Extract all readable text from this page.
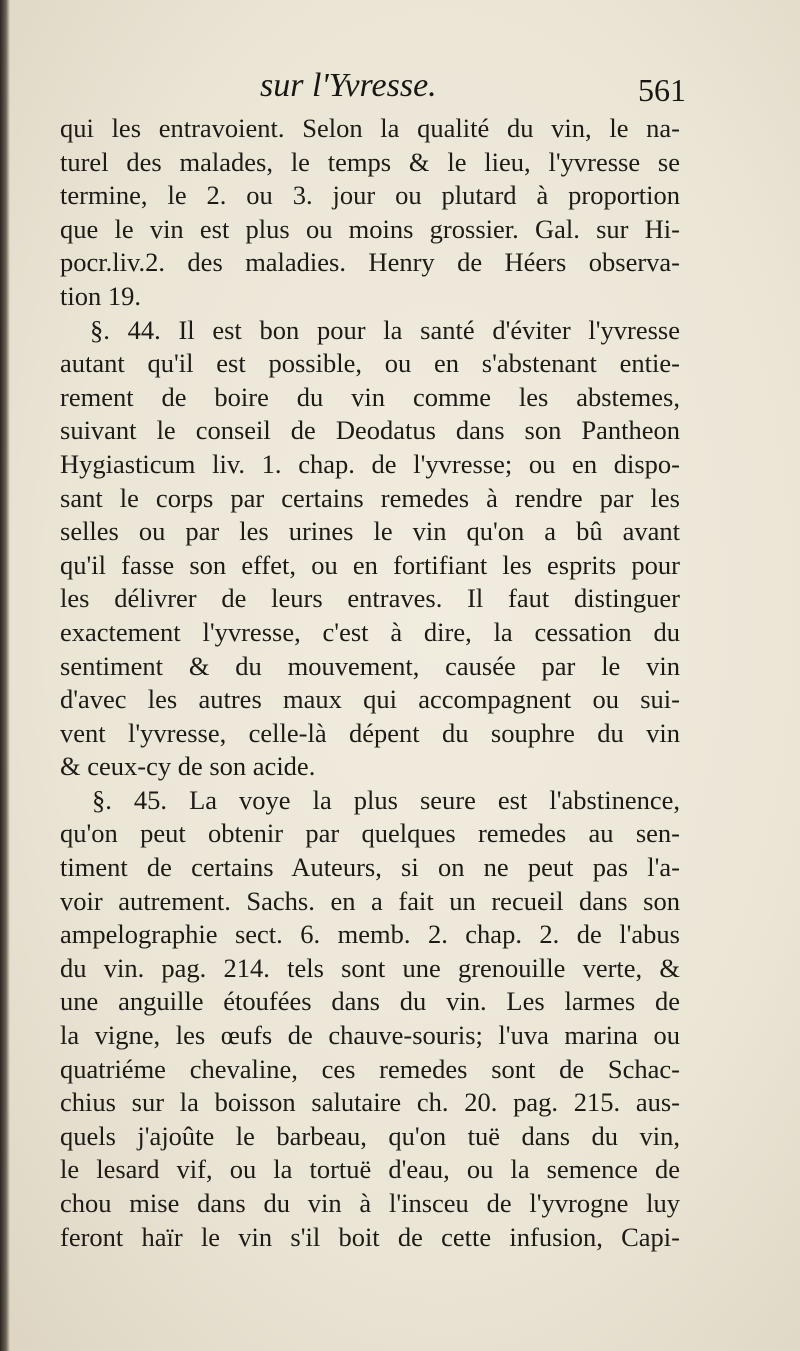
sur l'Yvresse.	561
qui les entravoient. Selon la qualité du vin, le na-
turel des malades, le temps & le lieu, l'yvresse se
termine, le 2. ou 3. jour ou plutard à proportion
que le vin est plus ou moins grossier. Gal. sur Hi-
pocr.liv.2. des maladies. Henry de Héers observa-
tion 19.
§. 44. Il est bon pour la santé d'éviter l'yvresse
autant qu'il est possible, ou en s'abstenant entie-
rement de boire du vin comme les abstemes,
suivant le conseil de Deodatus dans son Pantheon
Hygiasticum liv. 1. chap. de l'yvresse; ou en dispo-
sant le corps par certains remedes à rendre par les
selles ou par les urines le vin qu'on a bû avant
qu'il fasse son effet, ou en fortifiant les esprits pour
les délivrer de leurs entraves. Il faut distinguer
exactement l'yvresse, c'est à dire, la cessation du
sentiment & du mouvement, causée par le vin
d'avec les autres maux qui accompagnent ou sui-
vent l'yvresse, celle-là dépent du souphre du vin
& ceux-cy de son acide.
§. 45. La voye la plus seure est l'abstinence,
qu'on peut obtenir par quelques remedes au sen-
timent de certains Auteurs, si on ne peut pas l'a-
voir autrement. Sachs. en a fait un recueil dans son
ampelographie sect. 6. memb. 2. chap. 2. de l'abus
du vin. pag. 214. tels sont une grenouille verte, &
une anguille étoufées dans du vin. Les larmes de
la vigne, les œufs de chauve-souris; l'uva marina ou
quatriéme chevaline, ces remedes sont de Schac-
chius sur la boisson salutaire ch. 20. pag. 215. aus-
quels j'ajoûte le barbeau, qu'on tuë dans du vin,
le lesard vif, ou la tortuë d'eau, ou la semence de
chou mise dans du vin à l'insceu de l'yvrogne luy
feront haïr le vin s'il boit de cette infusion, Capi-
